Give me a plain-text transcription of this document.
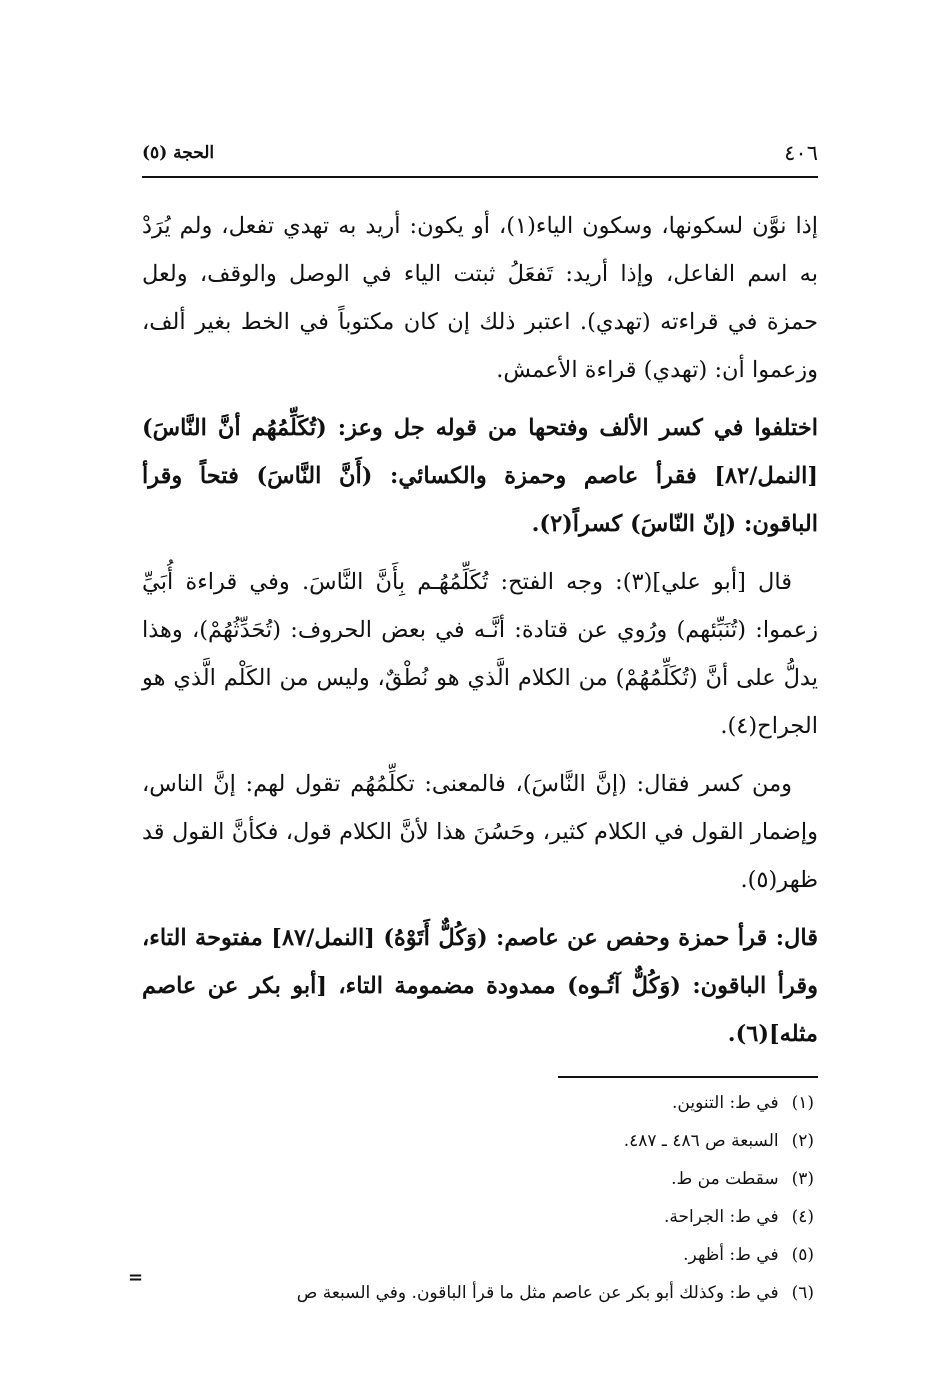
٤٠٦
الحجة (٥)

إذا نوَّن لسكونها، وسكون الياء(١)، أو يكون: أريد به تهدي تفعل، ولم يُرَدْ به اسم الفاعل، وإذا أريد: تَفعَلُ ثبتت الياء في الوصل والوقف، ولعل حمزة في قراءته (تهدي). اعتبر ذلك إن كان مكتوباً في الخط بغير ألف، وزعموا أن: (تهدي) قراءة الأعمش.

اختلفوا في كسر الألف وفتحها من قوله جل وعز: (تُكَلِّمُهُم أنَّ النَّاسَ) [النمل/٨٢] فقرأ عاصم وحمزة والكسائي: (أَنَّ النَّاسَ) فتحاً وقرأ الباقون: (إنّ النّاسَ) كسراً(٢).

قال [أبو علي](٣): وجه الفتح: تُكَلِّمُهُـم بِأَنَّ النَّاسَ. وفي قراءة أُبَيِّ زعموا: (تُنَبِّئهم) ورُوي عن قتادة: أنَّـه في بعض الحروف: (تُحَدِّثُهُمْ)، وهذا يدلُّ على أنَّ (تُكَلِّمُهُمْ) من الكلام الَّذي هو نُطْقٌ، وليس من الكَلْم الَّذي هو الجراح(٤).

ومن كسر فقال: (إنَّ النَّاسَ)، فالمعنى: تكلِّمُهُم تقول لهم: إنَّ الناس، وإضمار القول في الكلام كثير، وحَسُنَ هذا لأنَّ الكلام قول، فكأنَّ القول قد ظهر(٥).

قال: قرأ حمزة وحفص عن عاصم: (وَكُلٌّ أَتَوْهُ) [النمل/٨٧] مفتوحة التاء، وقرأ الباقون: (وَكُلٌّ آتُـوه) ممدودة مضمومة التاء، [أبو بكر عن عاصم مثله](٦).

(١) في ط: التنوين.
(٢) السبعة ص ٤٨٦ ـ ٤٨٧.
(٣) سقطت من ط.
(٤) في ط: الجراحة.
(٥) في ط: أظهر.
(٦) في ط: وكذلك أبو بكر عن عاصم مثل ما قرأ الباقون. وفي السبعة ص
=
